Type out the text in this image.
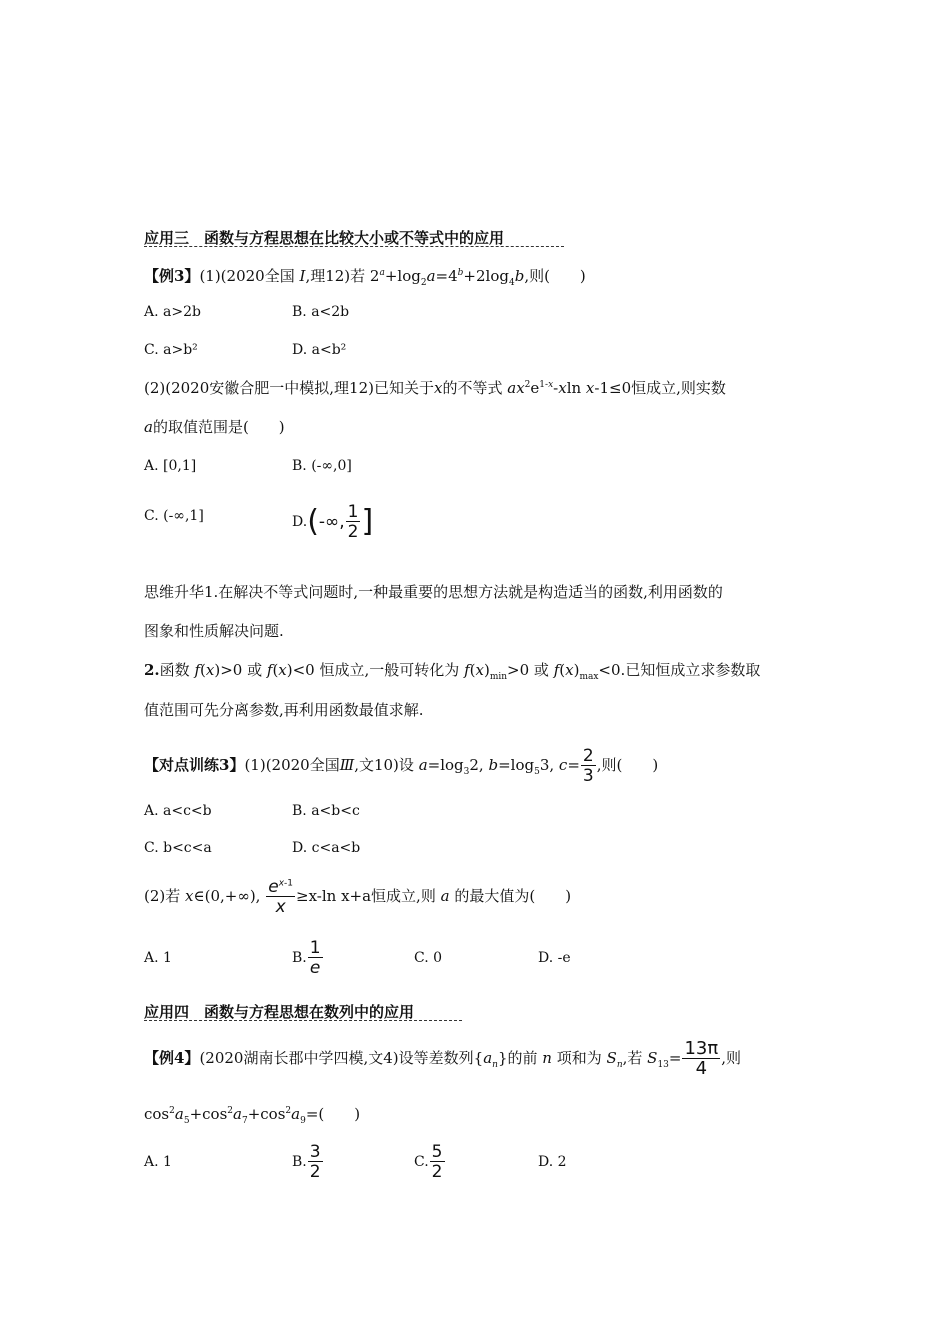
应用三　函数与方程思想在比较大小或不等式中的应用
【例3】(1)(2020全国 Ⅰ,理12)若 $2^a+\log_2a=4^b+2\log_4b$,则(　　)
A. a>2b	B. a<2b
C. a>b²	D. a<b²
(2)(2020安徽合肥一中模拟,理12)已知关于x的不等式 $ax^2e^{1-x}$-xln x-1≤0恒成立,则实数
a的取值范围是(　　)
A. [0,1]	B. (-∞,0]
C. (-∞,1]	D.(-∞, $\frac{1}{2}$ ]
思维升华1.在解决不等式问题时,一种最重要的思想方法就是构造适当的函数,利用函数的
图象和性质解决问题.
2.函数 f(x)>0 或 f(x)<0 恒成立,一般可转化为 $f(x)_{min}>0$ 或 $f(x)_{max}<0$.已知恒成立求参数取
值范围可先分离参数,再利用函数最值求解.
【对点训练3】(1)(2020全国Ⅲ,文10)设 $a=\log_32$, $b=\log_53$, $c= \frac{2}{3}$ ,则(　　)
A. a<c<b	B. a<b<c
C. b<c<a	D. c<a<b
(2)若 x∈(0,+∞), $\frac{e^{x-1}}{x} \ge x-\ln$ x+a恒成立,则 a 的最大值为(　　)
A. 1	B. $\frac{1}{e}$	C. 0	D. -e
应用四　函数与方程思想在数列中的应用
【例4】(2020湖南长郡中学四模,文4)设等差数列$\{a_n\}$的前 n 项和为 $S_n$,若 $S_{13}= \frac{13\pi}{4}$ ,则
$\cos^2a_5+\cos^2a_7+\cos^2a_9=$(　　)
A. 1	B. $\frac{3}{2}$	C. $\frac{5}{2}$	D. 2
